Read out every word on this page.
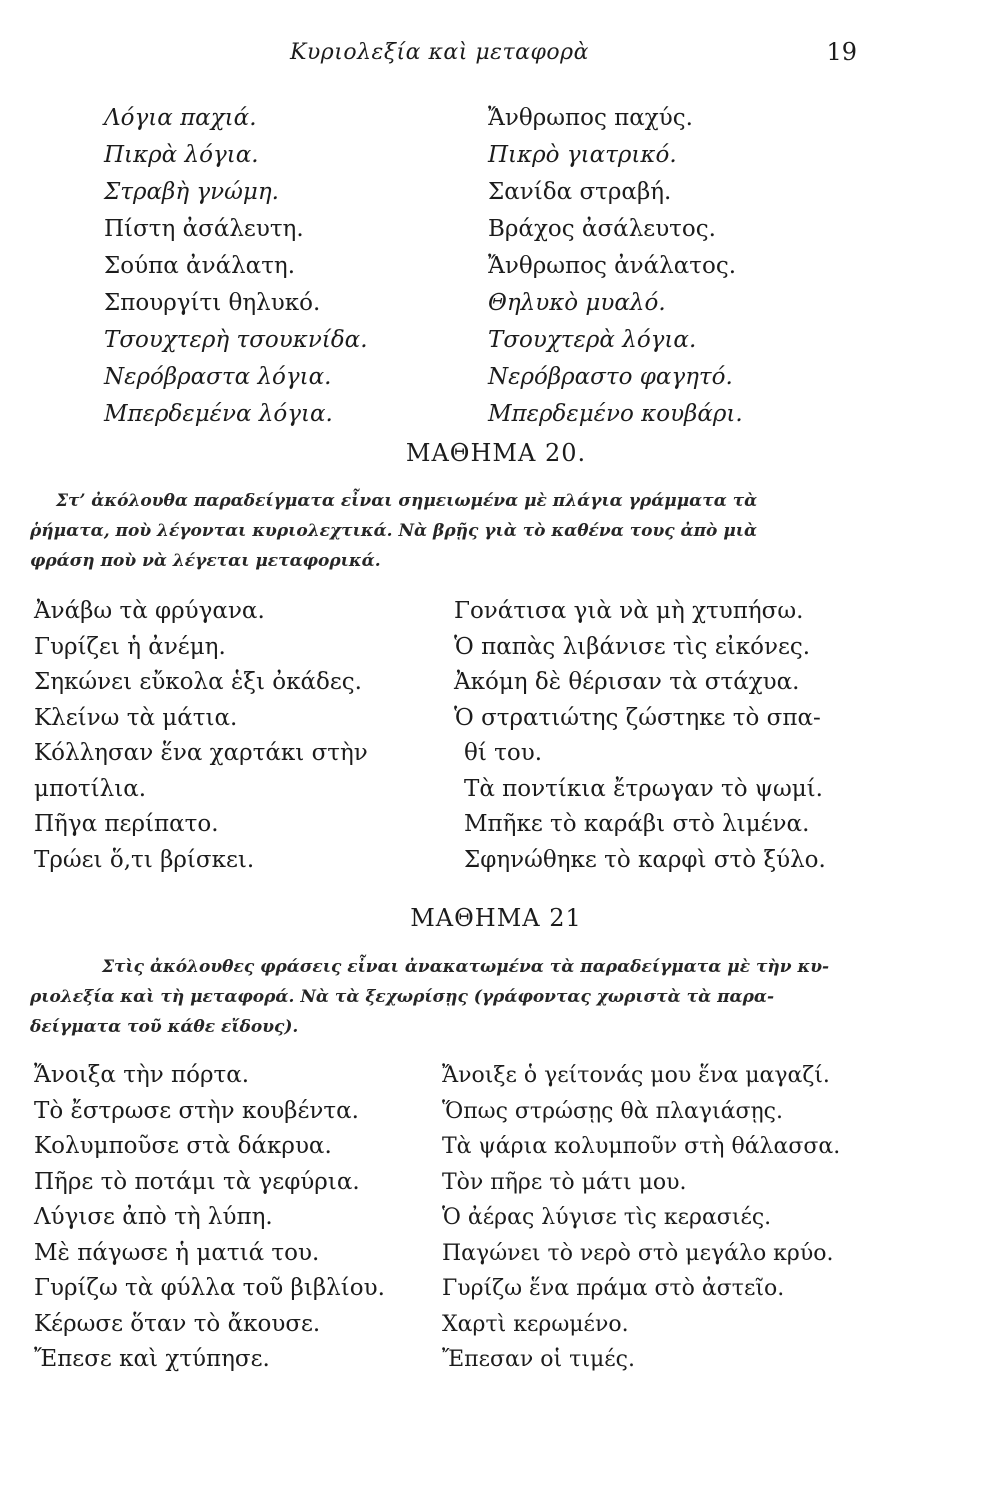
Κυριολεξία καὶ μεταφορὰ	19
Λόγια παχιά.
Πικρὰ λόγια.
Στραβὴ γνώμη.
Πίστη ἀσάλευτη.
Σούπα ἀνάλατη.
Σπουργίτι θηλυκό.
Τσουχτερὴ τσουκνίδα.
Νερόβραστα λόγια.
Μπερδεμένα λόγια.
Ἄνθρωπος παχύς.
Πικρὸ γιατρικό.
Σανίδα στραβή.
Βράχος ἀσάλευτος.
Ἄνθρωπος ἀνάλατος.
Θηλυκὸ μυαλό.
Τσουχτερὰ λόγια.
Νερόβραστο φαγητό.
Μπερδεμένο κουβάρι.
ΜΑΘΗΜΑ 20.
Στ’ ἀκόλουθα παραδείγματα εἶναι σημειωμένα μὲ πλάγια γράμματα τὰ
ῥήματα, ποὺ λέγονται κυριολεχτικά. Νὰ βρῇς γιὰ τὸ καθένα τους ἀπὸ μιὰ
φράση ποὺ νὰ λέγεται μεταφορικά.
Ἀνάβω τὰ φρύγανα.
Γυρίζει ἡ ἀνέμη.
Σηκώνει εὔκολα ἑξι ὀκάδες.
Κλείνω τὰ μάτια.
Κόλλησαν ἕνα χαρτάκι στὴν
μποτίλια.
Πῆγα περίπατο.
Τρώει ὅ,τι βρίσκει.
Γονάτισα γιὰ νὰ μὴ χτυπήσω.
Ὁ παπὰς λιβάνισε τὶς εἰκόνες.
Ἀκόμη δὲ θέρισαν τὰ στάχυα.
Ὁ στρατιώτης ζώστηκε τὸ σπα-
θί του.
Τὰ ποντίκια ἔτρωγαν τὸ ψωμί.
Μπῆκε τὸ καράβι στὸ λιμένα.
Σφηνώθηκε τὸ καρφὶ στὸ ξύλο.
ΜΑΘΗΜΑ 21
Στὶς ἀκόλουθες φράσεις εἶναι ἀνακατωμένα τὰ παραδείγματα μὲ τὴν κυ-
ριολεξία καὶ τὴ μεταφορά. Νὰ τὰ ξεχωρίσῃς (γράφοντας χωριστὰ τὰ παρα-
δείγματα τοῦ κάθε εἴδους).
Ἄνοιξα τὴν πόρτα.
Τὸ ἔστρωσε στὴν κουβέντα.
Κολυμποῦσε στὰ δάκρυα.
Πῆρε τὸ ποτάμι τὰ γεφύρια.
Λύγισε ἀπὸ τὴ λύπη.
Μὲ πάγωσε ἡ ματιά του.
Γυρίζω τὰ φύλλα τοῦ βιβλίου.
Κέρωσε ὅταν τὸ ἄκουσε.
Ἔπεσε καὶ χτύπησε.
Ἄνοιξε ὁ γείτονάς μου ἕνα μαγαζί.
Ὅπως στρώσῃς θὰ πλαγιάσῃς.
Τὰ ψάρια κολυμποῦν στὴ θάλασσα.
Τὸν πῆρε τὸ μάτι μου.
Ὁ ἀέρας λύγισε τὶς κερασιές.
Παγώνει τὸ νερὸ στὸ μεγάλο κρύο.
Γυρίζω ἕνα πράμα στὸ ἀστεῖο.
Χαρτὶ κερωμένο.
Ἔπεσαν οἱ τιμές.
